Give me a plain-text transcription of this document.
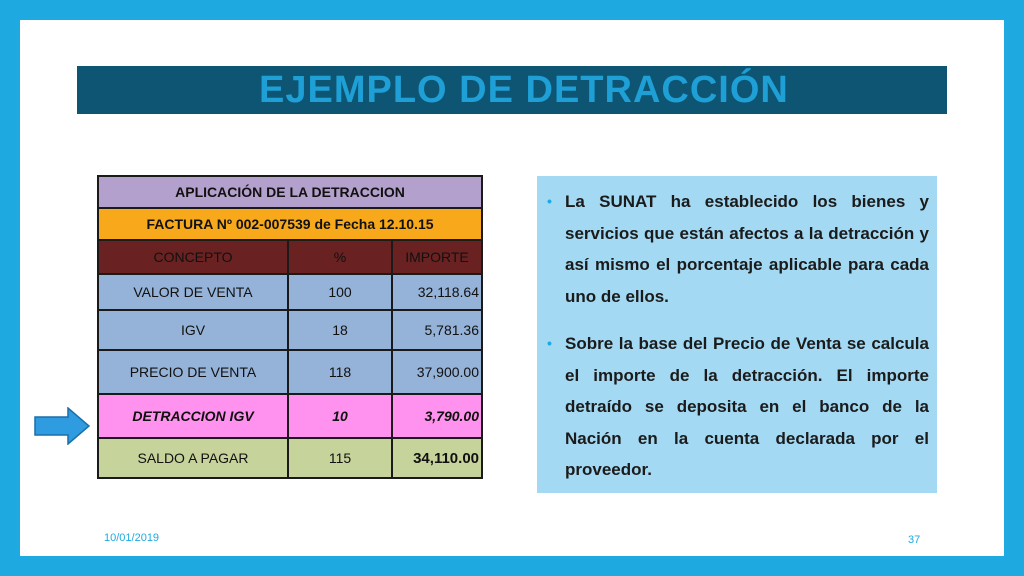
EJEMPLO DE DETRACCIÓN
APLICACIÓN DE LA DETRACCION		
FACTURA Nº 002-007539 de Fecha 12.10.15		
CONCEPTO	%	IMPORTE
VALOR DE VENTA	100	32,118.64
IGV	18	5,781.36
PRECIO DE VENTA	118	37,900.00
DETRACCION IGV	10	3,790.00
SALDO A PAGAR	115	34,110.00
• La SUNAT ha establecido los bienes y servicios que están afectos a la detracción y así mismo el porcentaje aplicable para cada uno de ellos.
• Sobre la base del Precio de Venta se calcula el importe de la detracción. El importe detraído se deposita en el banco de la Nación en la cuenta declarada por el proveedor.
10/01/2019	37
